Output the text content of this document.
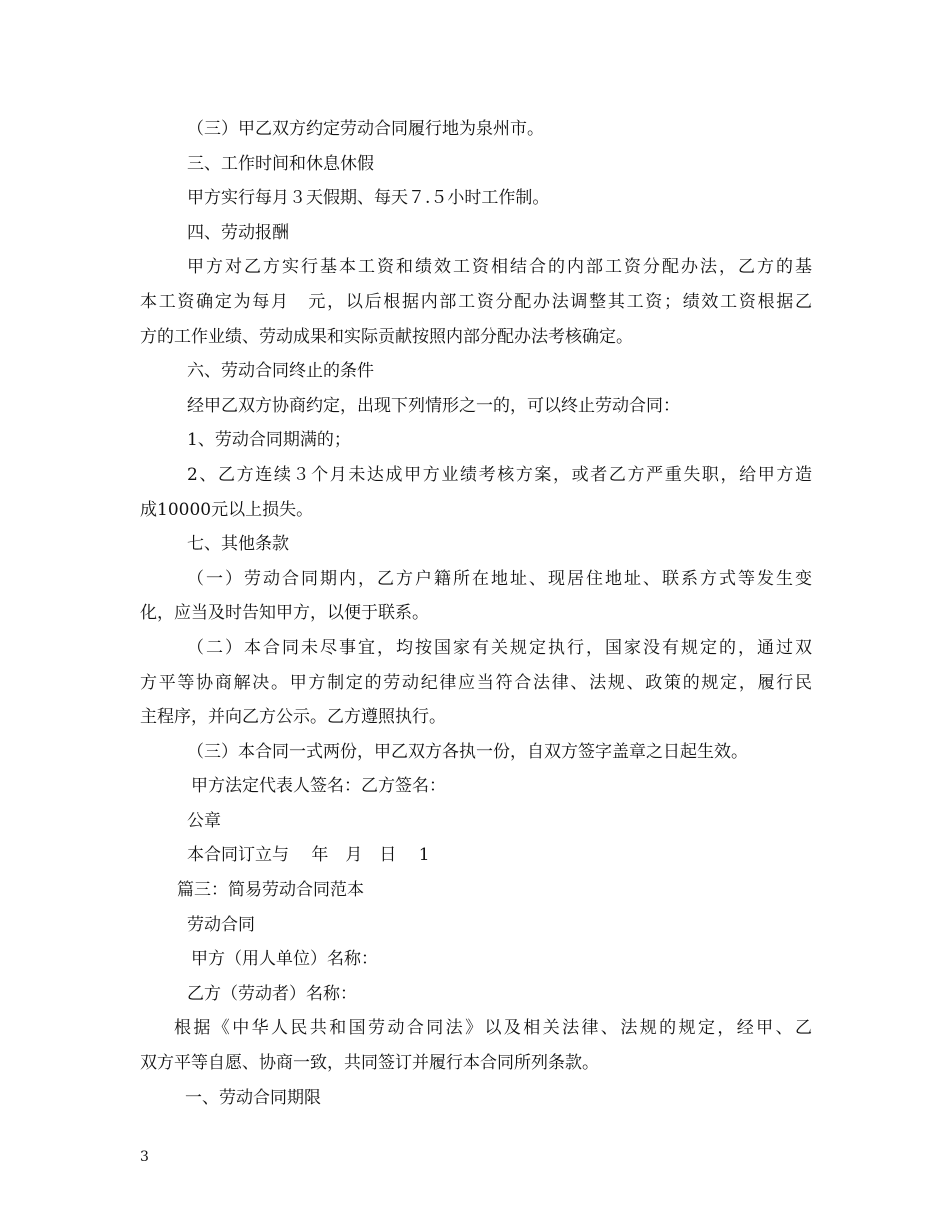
（三）甲乙双方约定劳动合同履行地为泉州市。
三、工作时间和休息休假
甲方实行每月３天假期、每天７.５小时工作制。
四、劳动报酬
甲方对乙方实行基本工资和绩效工资相结合的内部工资分配办法，乙方的基
本工资确定为每月　元，以后根据内部工资分配办法调整其工资；绩效工资根据乙
方的工作业绩、劳动成果和实际贡献按照内部分配办法考核确定。
六、劳动合同终止的条件
经甲乙双方协商约定，出现下列情形之一的，可以终止劳动合同：
1、劳动合同期满的；
2、乙方连续３个月未达成甲方业绩考核方案，或者乙方严重失职，给甲方造
成10000元以上损失。
七、其他条款
（一）劳动合同期内，乙方户籍所在地址、现居住地址、联系方式等发生变
化，应当及时告知甲方，以便于联系。
（二）本合同未尽事宜，均按国家有关规定执行，国家没有规定的，通过双
方平等协商解决。甲方制定的劳动纪律应当符合法律、法规、政策的规定，履行民
主程序，并向乙方公示。乙方遵照执行。
（三）本合同一式两份，甲乙双方各执一份，自双方签字盖章之日起生效。
甲方法定代表人签名：乙方签名：
公章
本合同订立与　 年　月　日　 1
篇三：简易劳动合同范本
劳动合同
甲方（用人单位）名称：
乙方（劳动者）名称：
根据《中华人民共和国劳动合同法》以及相关法律、法规的规定，经甲、乙
双方平等自愿、协商一致，共同签订并履行本合同所列条款。
一、劳动合同期限
3
